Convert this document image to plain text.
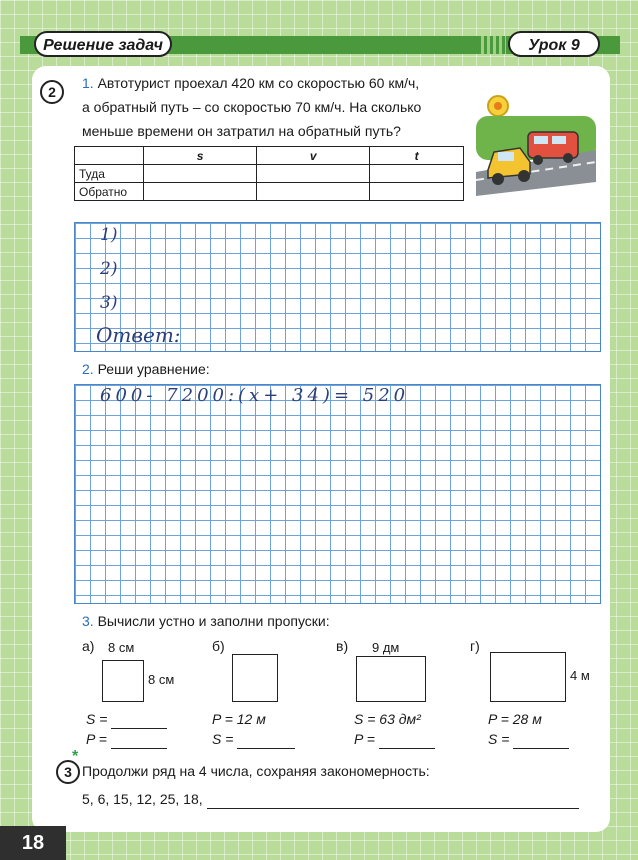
Решение задач	Урок 9
2
1. Автотурист проехал 420 км со скоростью 60 км/ч,
а обратный путь – со скоростью 70 км/ч. На сколько
меньше времени он затратил на обратный путь?
	s	v	t
Туда			
Обратно			
1)
2)
3)
Ответ:
2. Реши уравнение:
600- 7200:(x+ 34)= 520
3. Вычисли устно и заполни пропуски:
а) 8 см
8 см
S =
P =
б)
P = 12 м
S =
в) 9 дм
S = 63 дм²
P =
г)
4 м
P = 28 м
S =
3
*
Продолжи ряд на 4 числа, сохраняя закономерность:
5, 6, 15, 12, 25, 18,
18
